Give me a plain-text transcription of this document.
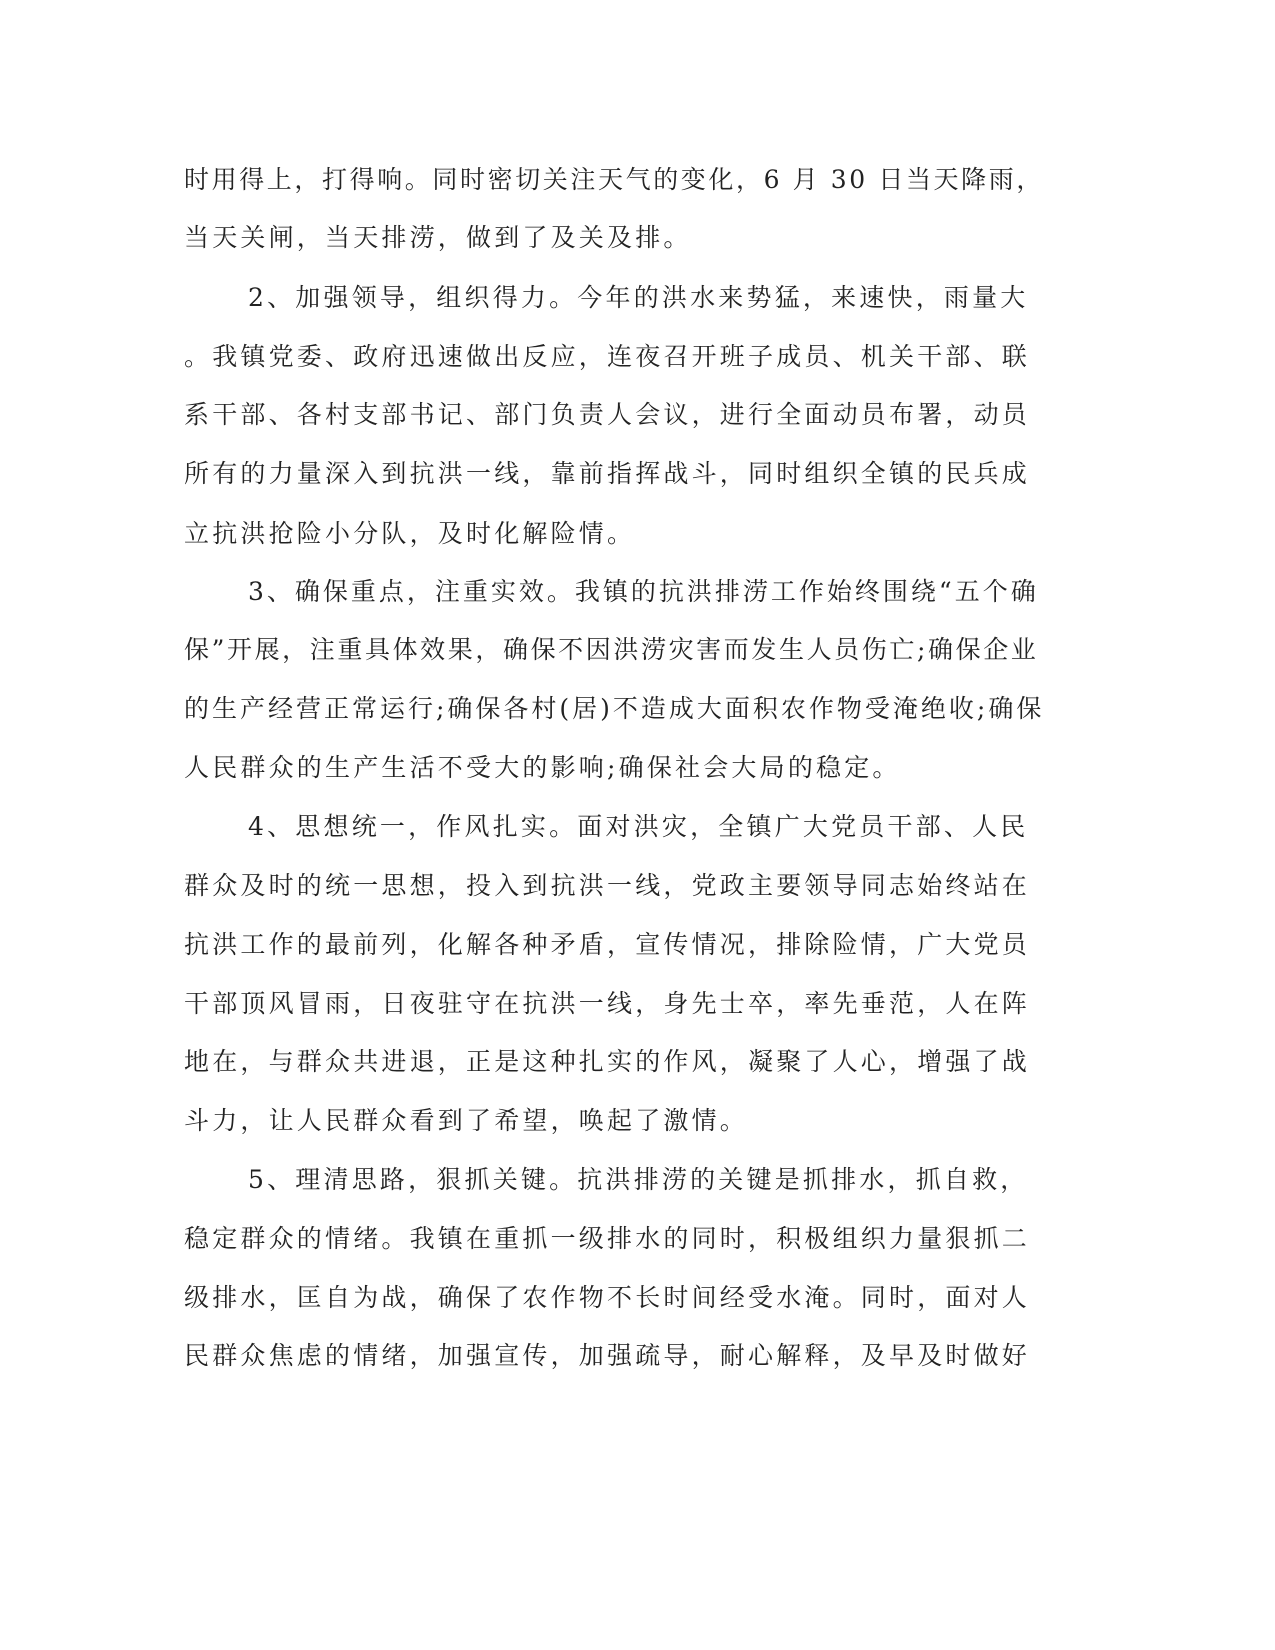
时用得上，打得响。同时密切关注天气的变化，6 月 30 日当天降雨，
当天关闸，当天排涝，做到了及关及排。
2、加强领导，组织得力。今年的洪水来势猛，来速快，雨量大
。我镇党委、政府迅速做出反应，连夜召开班子成员、机关干部、联
系干部、各村支部书记、部门负责人会议，进行全面动员布署，动员
所有的力量深入到抗洪一线，靠前指挥战斗，同时组织全镇的民兵成
立抗洪抢险小分队，及时化解险情。
3、确保重点，注重实效。我镇的抗洪排涝工作始终围绕“五个确
保”开展，注重具体效果，确保不因洪涝灾害而发生人员伤亡;确保企业
的生产经营正常运行;确保各村(居)不造成大面积农作物受淹绝收;确保
人民群众的生产生活不受大的影响;确保社会大局的稳定。
4、思想统一，作风扎实。面对洪灾，全镇广大党员干部、人民
群众及时的统一思想，投入到抗洪一线，党政主要领导同志始终站在
抗洪工作的最前列，化解各种矛盾，宣传情况，排除险情，广大党员
干部顶风冒雨，日夜驻守在抗洪一线，身先士卒，率先垂范，人在阵
地在，与群众共进退，正是这种扎实的作风，凝聚了人心，增强了战
斗力，让人民群众看到了希望，唤起了激情。
5、理清思路，狠抓关键。抗洪排涝的关键是抓排水，抓自救，
稳定群众的情绪。我镇在重抓一级排水的同时，积极组织力量狠抓二
级排水，匡自为战，确保了农作物不长时间经受水淹。同时，面对人
民群众焦虑的情绪，加强宣传，加强疏导，耐心解释，及早及时做好
